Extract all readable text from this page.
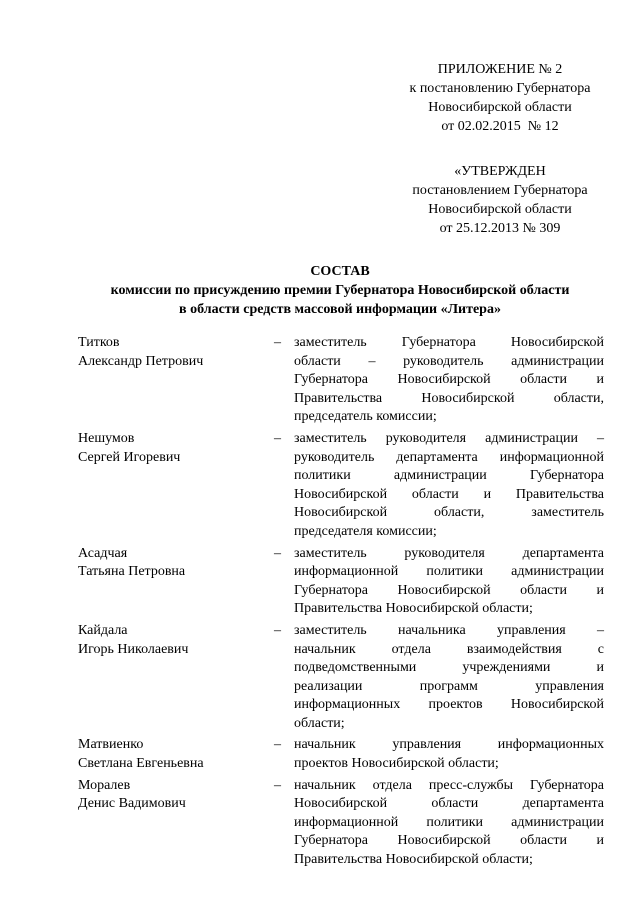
ПРИЛОЖЕНИЕ № 2
к постановлению Губернатора
Новосибирской области
от 02.02.2015  № 12
«УТВЕРЖДЕН
постановлением Губернатора
Новосибирской области
от 25.12.2013 № 309
СОСТАВ
комиссии по присуждению премии Губернатора Новосибирской области
в области средств массовой информации «Литера»
Титков
Александр Петрович
– заместитель Губернатора Новосибирской
области – руководитель администрации
Губернатора Новосибирской области и
Правительства Новосибирской области,
председатель комиссии;
Нешумов
Сергей Игоревич
– заместитель руководителя администрации –
руководитель департамента информационной
политики администрации Губернатора
Новосибирской области и Правительства
Новосибирской области, заместитель
председателя комиссии;
Асадчая
Татьяна Петровна
– заместитель руководителя департамента
информационной политики администрации
Губернатора Новосибирской области и
Правительства Новосибирской области;
Кайдала
Игорь Николаевич
– заместитель начальника управления –
начальник отдела взаимодействия с
подведомственными учреждениями и
реализации программ управления
информационных проектов Новосибирской
области;
Матвиенко
Светлана Евгеньевна
– начальник управления информационных
проектов Новосибирской области;
Моралев
Денис Вадимович
– начальник отдела пресс-службы Губернатора
Новосибирской области департамента
информационной политики администрации
Губернатора Новосибирской области и
Правительства Новосибирской области;
